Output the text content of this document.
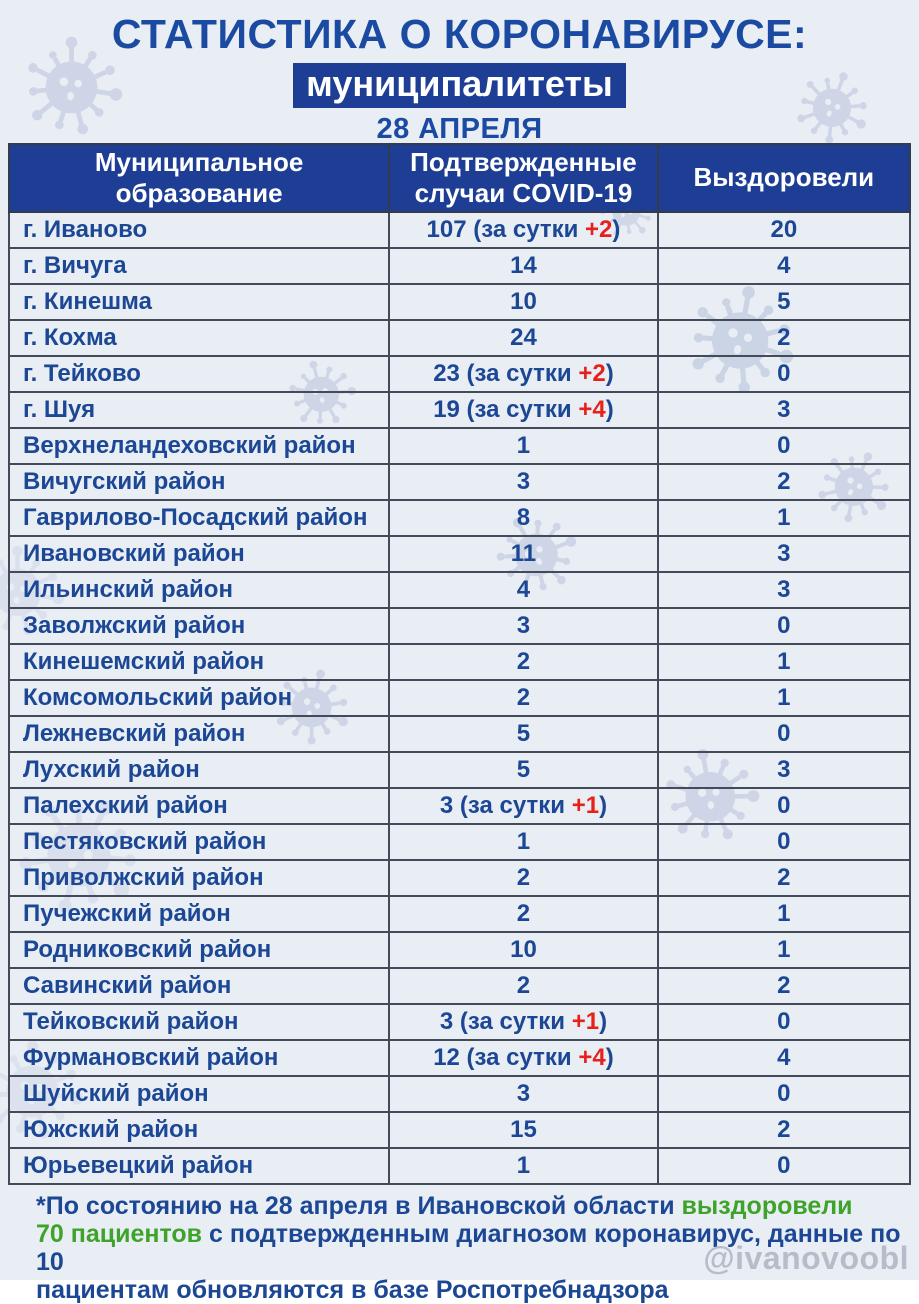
СТАТИСТИКА О КОРОНАВИРУСЕ:
муниципалитеты
28 АПРЕЛЯ
Муниципальное образование	Подтвержденные случаи COVID-19	Выздоровели
г. Иваново	107 (за сутки +2)	20
г. Вичуга	14	4
г. Кинешма	10	5
г. Кохма	24	2
г. Тейково	23 (за сутки +2)	0
г. Шуя	19 (за сутки +4)	3
Верхнеландеховский район	1	0
Вичугский район	3	2
Гаврилово-Посадский район	8	1
Ивановский район	11	3
Ильинский район	4	3
Заволжский район	3	0
Кинешемский район	2	1
Комсомольский район	2	1
Лежневский район	5	0
Лухский район	5	3
Палехский район	3 (за сутки +1)	0
Пестяковский район	1	0
Приволжский район	2	2
Пучежский район	2	1
Родниковский район	10	1
Савинский район	2	2
Тейковский район	3 (за сутки +1)	0
Фурмановский район	12 (за сутки +4)	4
Шуйский район	3	0
Южский район	15	2
Юрьевецкий район	1	0
*По состоянию на 28 апреля в Ивановской области выздоровели
70 пациентов с подтвержденным диагнозом коронавирус, данные по 10
пациентам обновляются в базе Роспотребнадзора
@ivanovoobl
